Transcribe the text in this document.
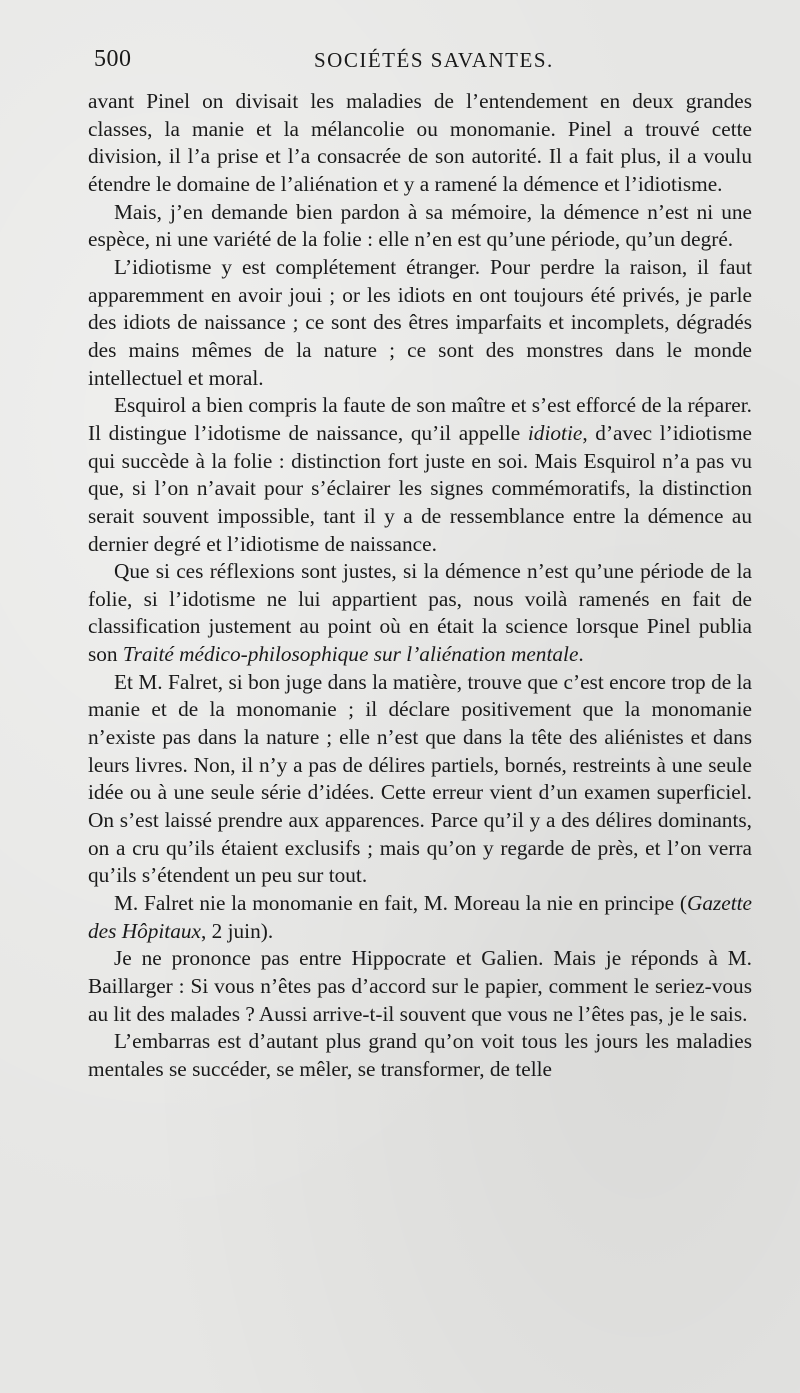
500	SOCIÉTÉS SAVANTES.

avant Pinel on divisait les maladies de l’entendement en deux grandes classes, la manie et la mélancolie ou monomanie. Pinel a trouvé cette division, il l’a prise et l’a consacrée de son autorité. Il a fait plus, il a voulu étendre le domaine de l’aliénation et y a ramené la démence et l’idiotisme.

Mais, j’en demande bien pardon à sa mémoire, la démence n’est ni une espèce, ni une variété de la folie : elle n’en est qu’une période, qu’un degré.

L’idiotisme y est complétement étranger. Pour perdre la raison, il faut apparemment en avoir joui ; or les idiots en ont toujours été privés, je parle des idiots de naissance ; ce sont des êtres imparfaits et incomplets, dégradés des mains mêmes de la nature ; ce sont des monstres dans le monde intellectuel et moral.

Esquirol a bien compris la faute de son maître et s’est efforcé de la réparer. Il distingue l’idotisme de naissance, qu’il appelle idiotie, d’avec l’idiotisme qui succède à la folie : distinction fort juste en soi. Mais Esquirol n’a pas vu que, si l’on n’avait pour s’éclairer les signes commémoratifs, la distinction serait souvent impossible, tant il y a de ressemblance entre la démence au dernier degré et l’idiotisme de naissance.

Que si ces réflexions sont justes, si la démence n’est qu’une période de la folie, si l’idotisme ne lui appartient pas, nous voilà ramenés en fait de classification justement au point où en était la science lorsque Pinel publia son Traité médico-philosophique sur l’aliénation mentale.

Et M. Falret, si bon juge dans la matière, trouve que c’est encore trop de la manie et de la monomanie ; il déclare positivement que la monomanie n’existe pas dans la nature ; elle n’est que dans la tête des aliénistes et dans leurs livres. Non, il n’y a pas de délires partiels, bornés, restreints à une seule idée ou à une seule série d’idées. Cette erreur vient d’un examen superficiel. On s’est laissé prendre aux apparences. Parce qu’il y a des délires dominants, on a cru qu’ils étaient exclusifs ; mais qu’on y regarde de près, et l’on verra qu’ils s’étendent un peu sur tout.

M. Falret nie la monomanie en fait, M. Moreau la nie en principe (Gazette des Hôpitaux, 2 juin).

Je ne prononce pas entre Hippocrate et Galien. Mais je réponds à M. Baillarger : Si vous n’êtes pas d’accord sur le papier, comment le seriez-vous au lit des malades ? Aussi arrive-t-il souvent que vous ne l’êtes pas, je le sais.

L’embarras est d’autant plus grand qu’on voit tous les jours les maladies mentales se succéder, se mêler, se transformer, de telle
